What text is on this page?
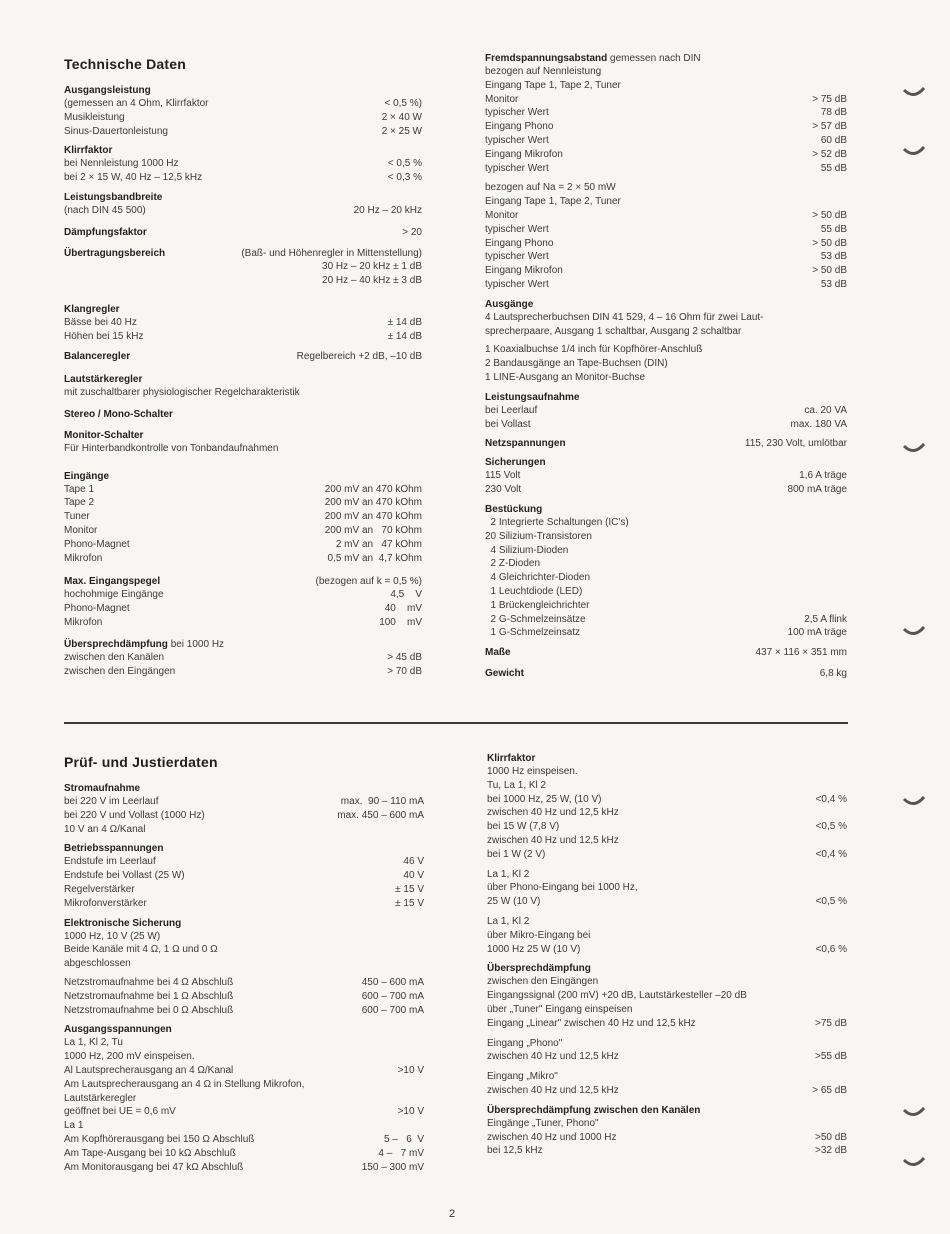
Technische Daten
Ausgangsleistung
(gemessen an 4 Ohm, Klirrfaktor	< 0,5 %)
Musikleistung	2 × 40 W
Sinus-Dauertonleistung	2 × 25 W
Klirrfaktor
bei Nennleistung 1000 Hz	< 0,5 %
bei 2 × 15 W, 40 Hz – 12,5 kHz	< 0,3 %
Leistungsbandbreite
(nach DIN 45 500)	20 Hz – 20 kHz
Dämpfungsfaktor	> 20
Übertragungsbereich	(Baß- und Höhenregler in Mittenstellung)
30 Hz – 20 kHz ± 1 dB
20 Hz – 40 kHz ± 3 dB
Klangregler
Bässe bei 40 Hz	± 14 dB
Höhen bei 15 kHz	± 14 dB
Balanceregler	Regelbereich +2 dB, –10 dB
Lautstärkeregler
mit zuschaltbarer physiologischer Regelcharakteristik
Stereo / Mono-Schalter
Monitor-Schalter
Für Hinterbandkontrolle von Tonbandaufnahmen
Eingänge
Tape 1	200 mV an 470 kOhm
Tape 2	200 mV an 470 kOhm
Tuner	200 mV an 470 kOhm
Monitor	200 mV an   70 kOhm
Phono-Magnet	2 mV an   47 kOhm
Mikrofon	0,5 mV an  4,7 kOhm
Max. Eingangspegel	(bezogen auf k = 0,5 %)
hochohmige Eingänge	4,5    V
Phono-Magnet	40    mV
Mikrofon	100    mV
Übersprechdämpfung bei 1000 Hz
zwischen den Kanälen	> 45 dB
zwischen den Eingängen	> 70 dB
Fremdspannungsabstand gemessen nach DIN
bezogen auf Nennleistung
Eingang Tape 1, Tape 2, Tuner
Monitor	> 75 dB
typischer Wert	78 dB
Eingang Phono	> 57 dB
typischer Wert	60 dB
Eingang Mikrofon	> 52 dB
typischer Wert	55 dB
bezogen auf Na = 2 × 50 mW
Eingang Tape 1, Tape 2, Tuner
Monitor	> 50 dB
typischer Wert	55 dB
Eingang Phono	> 50 dB
typischer Wert	53 dB
Eingang Mikrofon	> 50 dB
typischer Wert	53 dB
Ausgänge
4 Lautsprecherbuchsen DIN 41 529, 4 – 16 Ohm für zwei Laut-
sprecherpaare, Ausgang 1 schaltbar, Ausgang 2 schaltbar
1 Koaxialbuchse 1/4 inch für Kopfhörer-Anschluß
2 Bandausgänge an Tape-Buchsen (DIN)
1 LINE-Ausgang an Monitor-Buchse
Leistungsaufnahme
bei Leerlauf	ca. 20 VA
bei Vollast	max. 180 VA
Netzspannungen	115, 230 Volt, umlötbar
Sicherungen
115 Volt	1,6 A träge
230 Volt	800 mA träge
Bestückung
2 Integrierte Schaltungen (IC's)
20 Silizium-Transistoren
4 Silizium-Dioden
2 Z-Dioden
4 Gleichrichter-Dioden
1 Leuchtdiode (LED)
1 Brückengleichrichter
2 G-Schmelzeinsätze	2,5 A flink
1 G-Schmelzeinsatz	100 mA träge
Maße	437 × 116 × 351 mm
Gewicht	6,8 kg
Prüf- und Justierdaten
Stromaufnahme
bei 220 V im Leerlauf	max.  90 – 110 mA
bei 220 V und Vollast (1000 Hz)	max. 450 – 600 mA
10 V an 4 Ω/Kanal
Betriebsspannungen
Endstufe im Leerlauf	46 V
Endstufe bei Vollast (25 W)	40 V
Regelverstärker	± 15 V
Mikrofonverstärker	± 15 V
Elektronische Sicherung
1000 Hz, 10 V (25 W)
Beide Kanäle mit 4 Ω, 1 Ω und 0 Ω
abgeschlossen
Netzstromaufnahme bei 4 Ω Abschluß	450 – 600 mA
Netzstromaufnahme bei 1 Ω Abschluß	600 – 700 mA
Netzstromaufnahme bei 0 Ω Abschluß	600 – 700 mA
Ausgangsspannungen
La 1, Kl 2, Tu
1000 Hz, 200 mV einspeisen.
Al Lautsprecherausgang an 4 Ω/Kanal	>10 V
Am Lautsprecherausgang an 4 Ω in Stellung Mikrofon,
Lautstärkeregler
geöffnet bei UE = 0,6 mV	>10 V
La 1
Am Kopfhörerausgang bei 150 Ω Abschluß	5 –   6  V
Am Tape-Ausgang bei 10 kΩ Abschluß	4 –   7 mV
Am Monitorausgang bei 47 kΩ Abschluß	150 – 300 mV
Klirrfaktor
1000 Hz einspeisen.
Tu, La 1, Kl 2
bei 1000 Hz, 25 W, (10 V)	<0,4 %
zwischen 40 Hz und 12,5 kHz
bei 15 W (7,8 V)	<0,5 %
zwischen 40 Hz und 12,5 kHz
bei 1 W (2 V)	<0,4 %
La 1, Kl 2
über Phono-Eingang bei 1000 Hz,
25 W (10 V)	<0,5 %
La 1, Kl 2
über Mikro-Eingang bei
1000 Hz 25 W (10 V)	<0,6 %
Übersprechdämpfung
zwischen den Eingängen
Eingangssignal (200 mV) +20 dB, Lautstärkesteller –20 dB
über „Tuner" Eingang einspeisen
Eingang „Linear" zwischen 40 Hz und 12,5 kHz	>75 dB
Eingang „Phono"
zwischen 40 Hz und 12,5 kHz	>55 dB
Eingang „Mikro"
zwischen 40 Hz und 12,5 kHz	> 65 dB
Übersprechdämpfung zwischen den Kanälen
Eingänge „Tuner, Phono"
zwischen 40 Hz und 1000 Hz	>50 dB
bei 12,5 kHz	>32 dB
2
